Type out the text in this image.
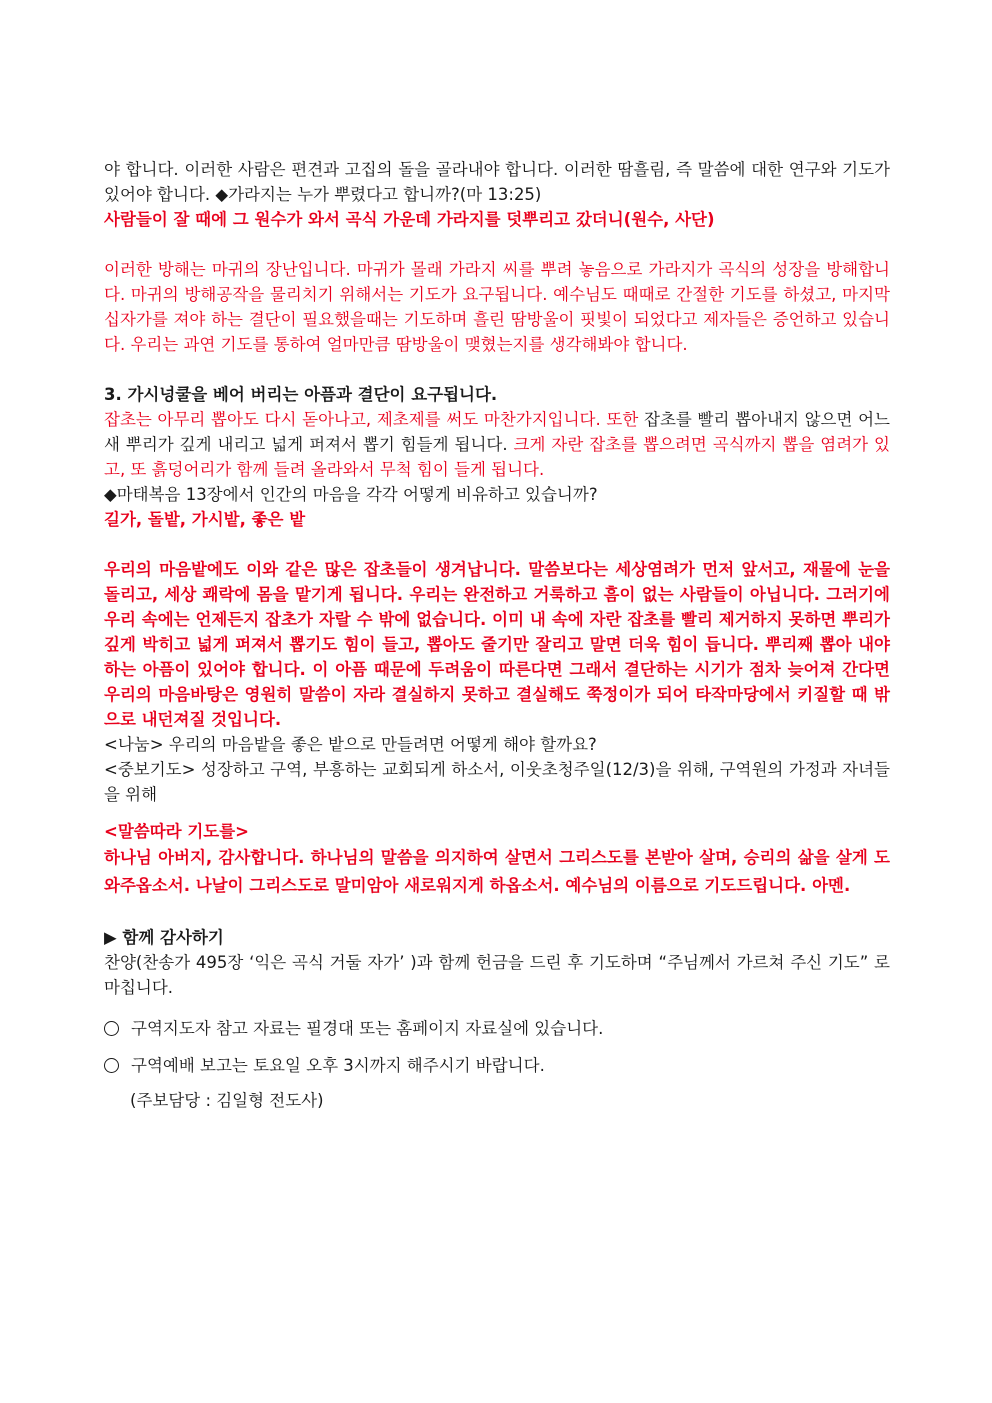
야 합니다. 이러한 사람은 편견과 고집의 돌을 골라내야 합니다. 이러한 땀흘림, 즉 말씀에 대한 연구와 기도가 있어야 합니다. ◆가라지는 누가 뿌렸다고 합니까?(마 13:25)

사람들이 잘 때에 그 원수가 와서 곡식 가운데 가라지를 덧뿌리고 갔더니(원수, 사단)

이러한 방해는 마귀의 장난입니다. 마귀가 몰래 가라지 씨를 뿌려 놓음으로 가라지가 곡식의 성장을 방해합니다. 마귀의 방해공작을 물리치기 위해서는 기도가 요구됩니다. 예수님도 때때로 간절한 기도를 하셨고, 마지막 십자가를 져야 하는 결단이 필요했을때는 기도하며 흘린 땀방울이 핏빛이 되었다고 제자들은 증언하고 있습니다. 우리는 과연 기도를 통하여 얼마만큼 땀방울이 맺혔는지를 생각해봐야 합니다.

3. 가시넝쿨을 베어 버리는 아픔과 결단이 요구됩니다.

잡초는 아무리 뽑아도 다시 돋아나고, 제초제를 써도 마찬가지입니다. 또한 잡초를 빨리 뽑아내지 않으면 어느새 뿌리가 깊게 내리고 넓게 퍼져서 뽑기 힘들게 됩니다. 크게 자란 잡초를 뽑으려면 곡식까지 뽑을 염려가 있고, 또 흙덩어리가 함께 들려 올라와서 무척 힘이 들게 됩니다.

◆마태복음 13장에서 인간의 마음을 각각 어떻게 비유하고 있습니까?

길가, 돌밭, 가시밭, 좋은 밭

우리의 마음밭에도 이와 같은 많은 잡초들이 생겨납니다. 말씀보다는 세상염려가 먼저 앞서고, 재물에 눈을 돌리고, 세상 쾌락에 몸을 맡기게 됩니다. 우리는 완전하고 거룩하고 흠이 없는 사람들이 아닙니다. 그러기에 우리 속에는 언제든지 잡초가 자랄 수 밖에 없습니다. 이미 내 속에 자란 잡초를 빨리 제거하지 못하면 뿌리가 깊게 박히고 넓게 퍼져서 뽑기도 힘이 들고, 뽑아도 줄기만 잘리고 말면 더욱 힘이 듭니다. 뿌리째 뽑아 내야 하는 아픔이 있어야 합니다. 이 아픔 때문에 두려움이 따른다면 그래서 결단하는 시기가 점차 늦어져 간다면 우리의 마음바탕은 영원히 말씀이 자라 결실하지 못하고 결실해도 쭉정이가 되어 타작마당에서 키질할 때 밖으로 내던져질 것입니다.

<나눔> 우리의 마음밭을 좋은 밭으로 만들려면 어떻게 해야 할까요?

<중보기도> 성장하고 구역, 부흥하는 교회되게 하소서, 이웃초청주일(12/3)을 위해, 구역원의 가정과 자녀들을 위해

<말씀따라 기도를>

하나님 아버지, 감사합니다. 하나님의 말씀을 의지하여 살면서 그리스도를 본받아 살며, 승리의 삶을 살게 도와주옵소서. 나날이 그리스도로 말미암아 새로워지게 하옵소서. 예수님의 이름으로 기도드립니다. 아멘.

▶ 함께 감사하기

찬양(찬송가 495장 ‘익은 곡식 거둘 자가’ )과 함께 헌금을 드린 후 기도하며 “주님께서 가르쳐 주신 기도” 로 마칩니다.

구역지도자 참고 자료는 필경대 또는 홈페이지 자료실에 있습니다.

구역예배 보고는 토요일 오후 3시까지 해주시기 바랍니다.

(주보담당 : 김일형 전도사)
